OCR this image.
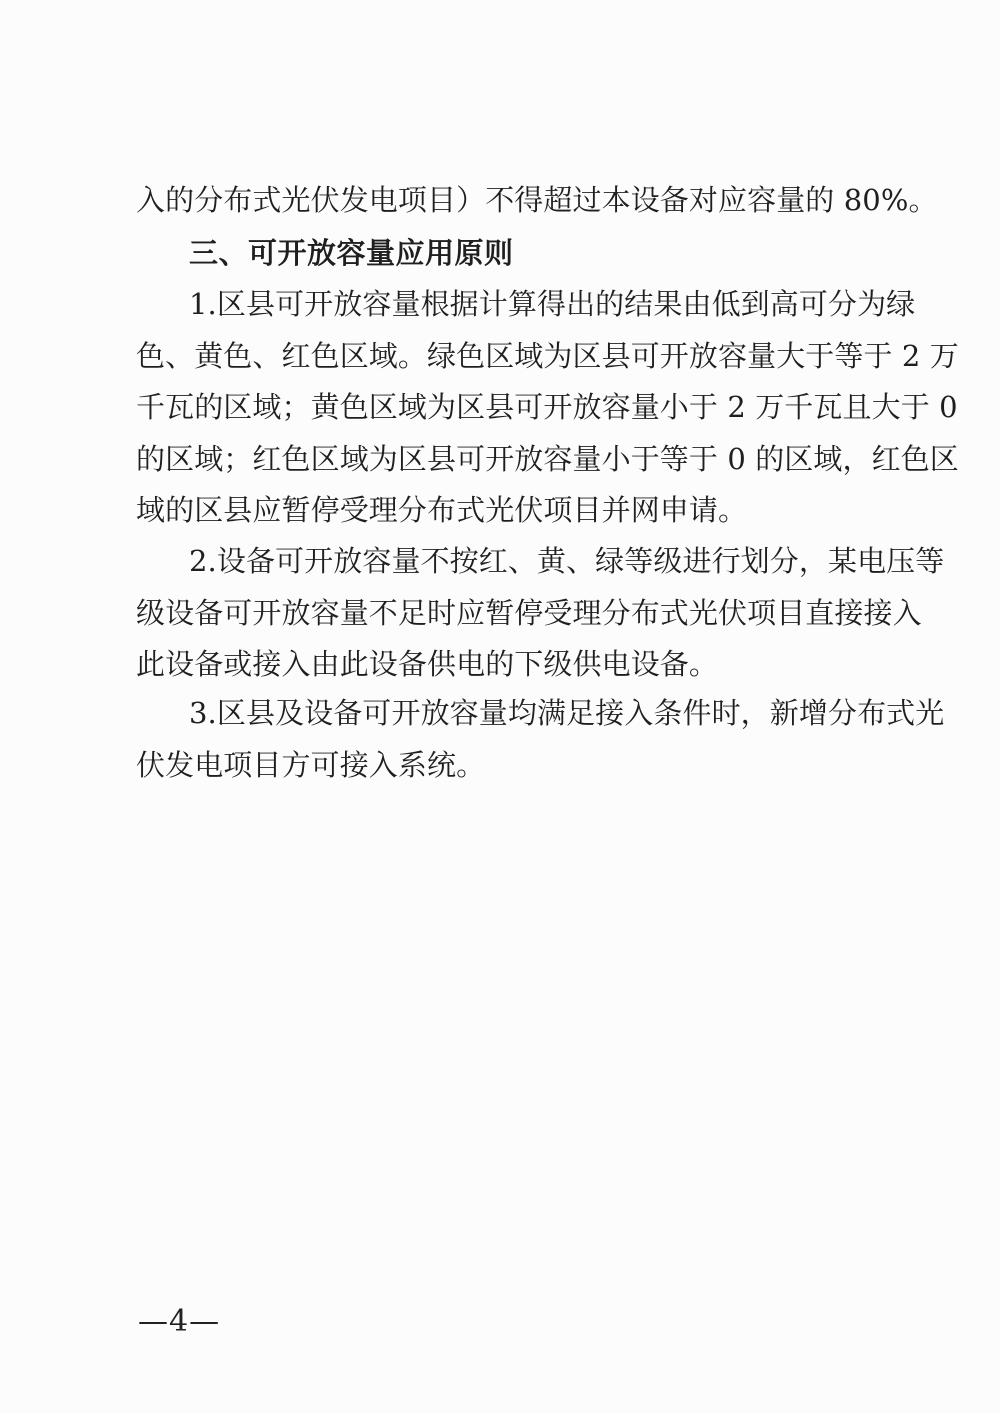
入的分布式光伏发电项目）不得超过本设备对应容量的 80%。
三、可开放容量应用原则
1.区县可开放容量根据计算得出的结果由低到高可分为绿
色、黄色、红色区域。绿色区域为区县可开放容量大于等于 2 万
千瓦的区域；黄色区域为区县可开放容量小于 2 万千瓦且大于 0
的区域；红色区域为区县可开放容量小于等于 0 的区域，红色区
域的区县应暂停受理分布式光伏项目并网申请。
2.设备可开放容量不按红、黄、绿等级进行划分，某电压等
级设备可开放容量不足时应暂停受理分布式光伏项目直接接入
此设备或接入由此设备供电的下级供电设备。
3.区县及设备可开放容量均满足接入条件时，新增分布式光
伏发电项目方可接入系统。
—4—
